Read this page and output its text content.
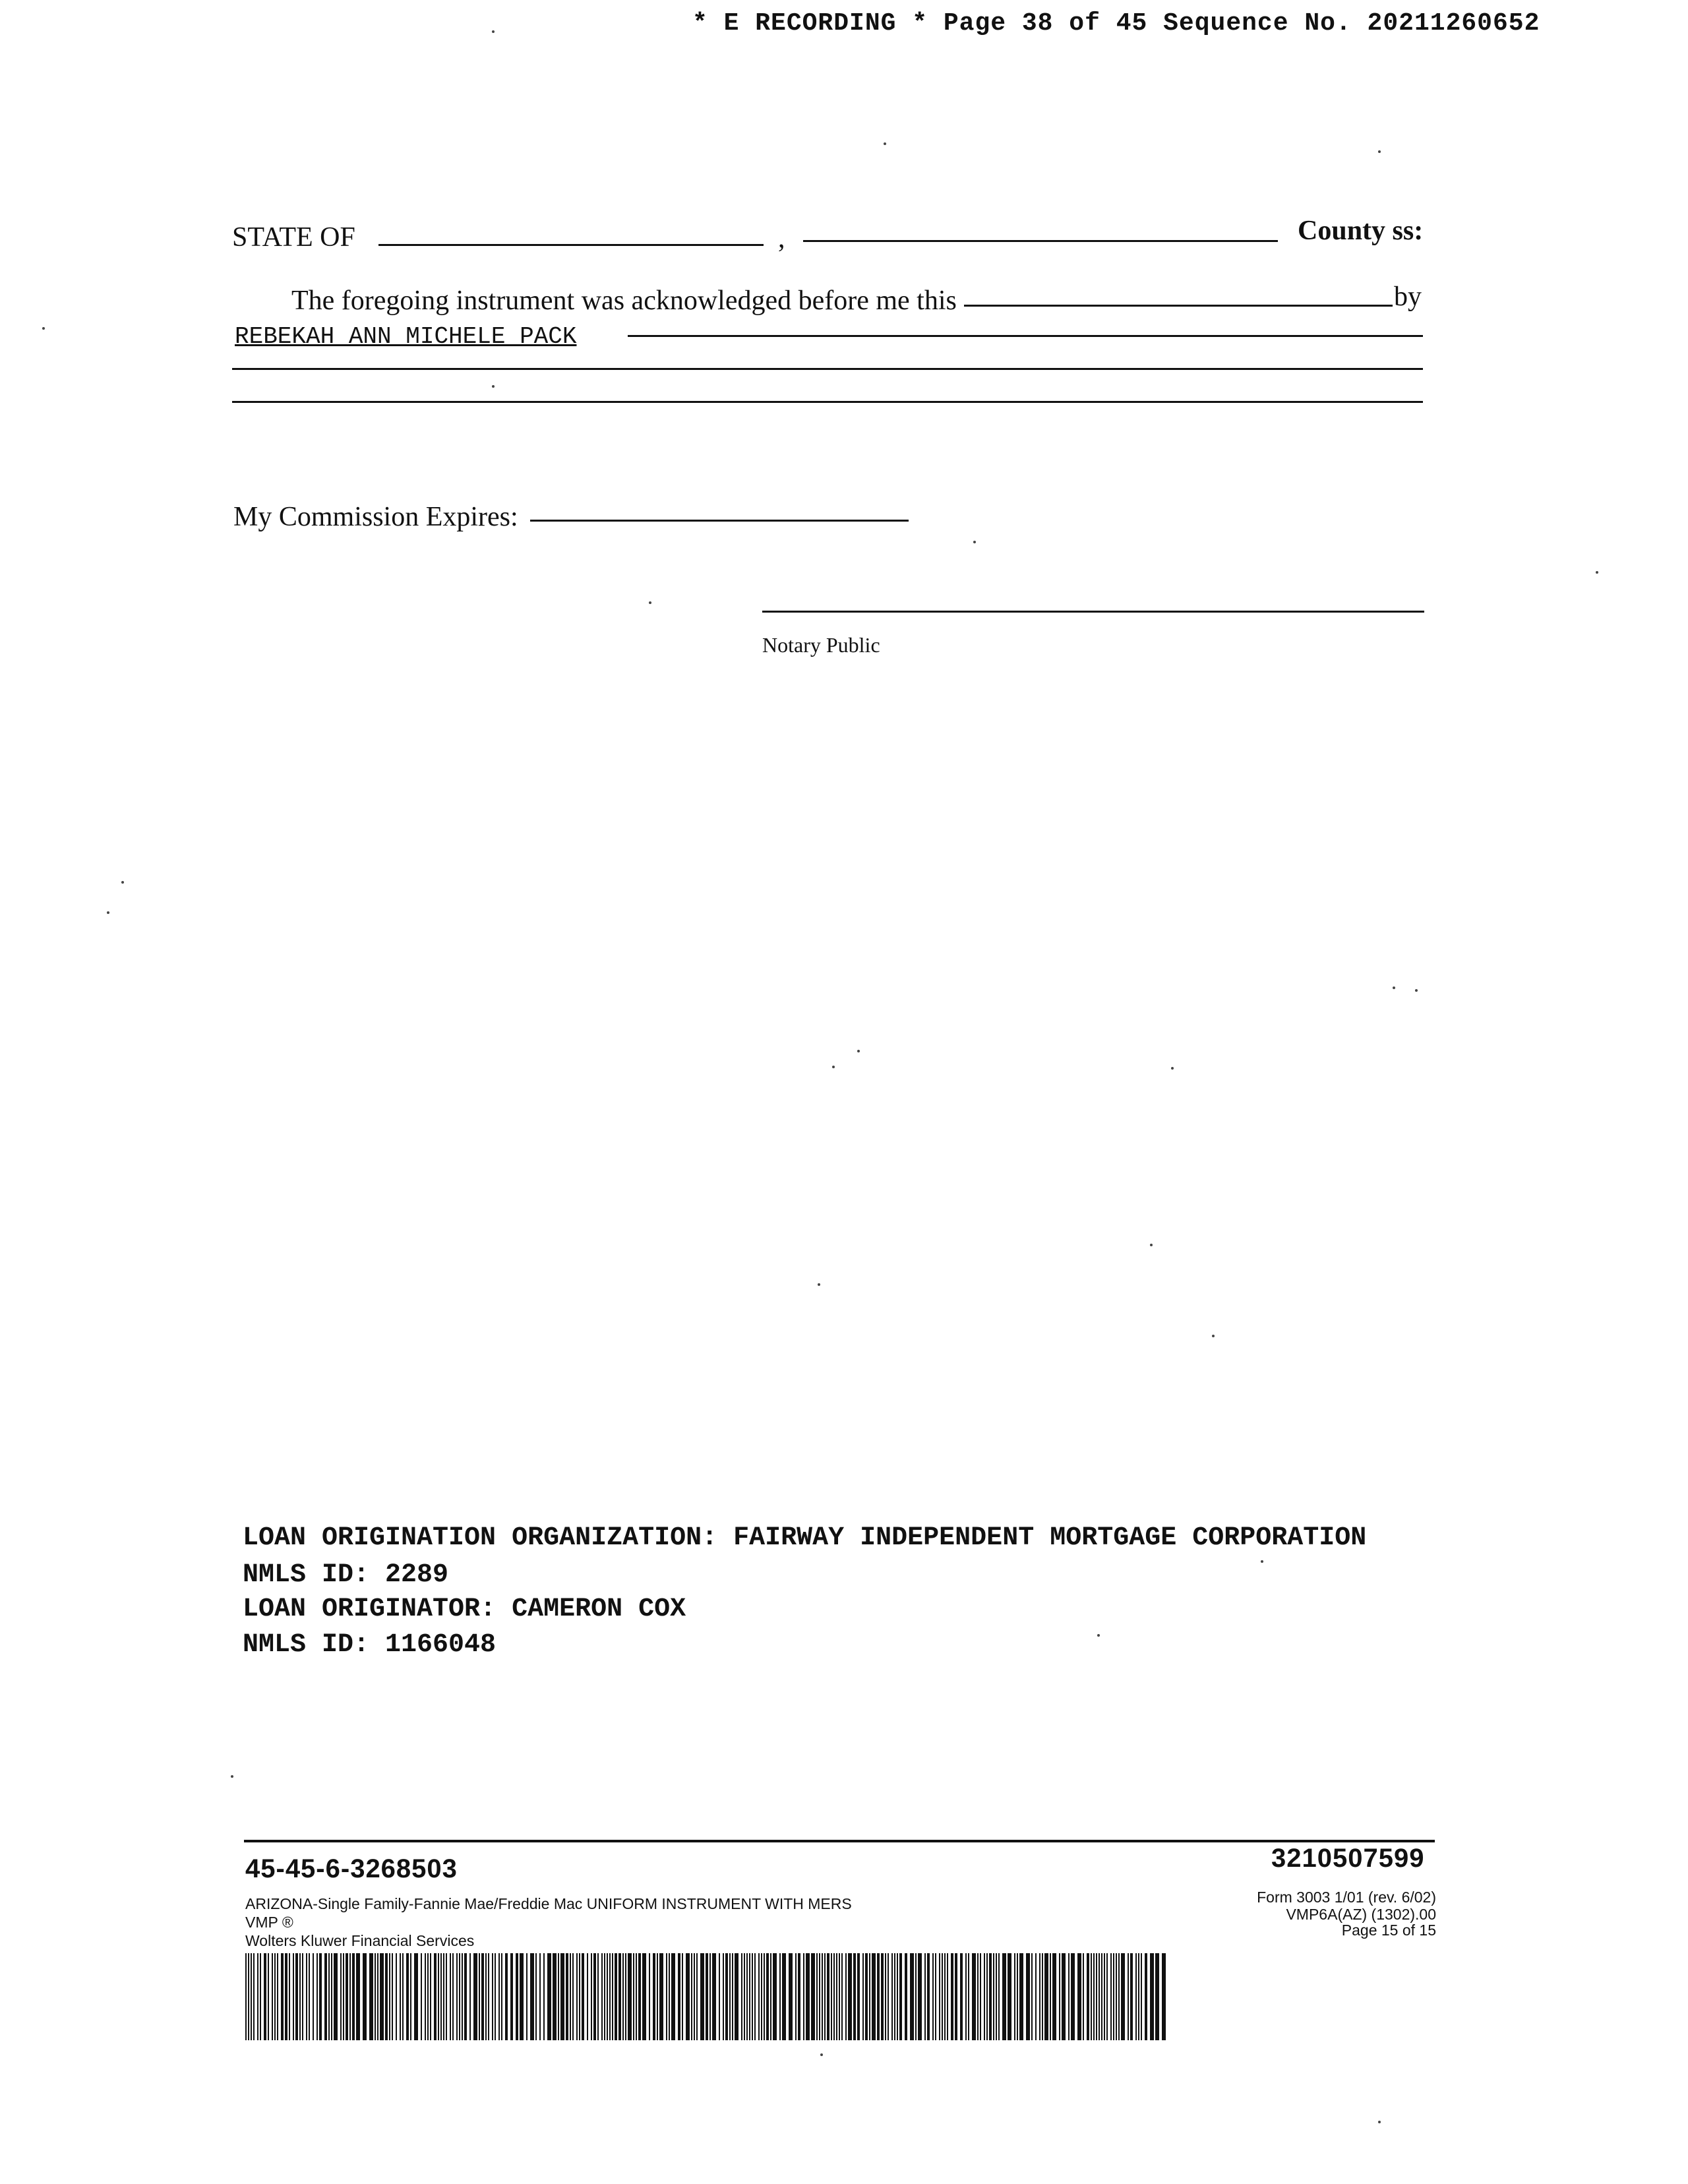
* E RECORDING * Page 38 of 45 Sequence No. 20211260652
STATE OF	,	County ss:
The foregoing instrument was acknowledged before me this	by
REBEKAH ANN MICHELE PACK
My Commission Expires:
Notary Public
LOAN ORIGINATION ORGANIZATION: FAIRWAY INDEPENDENT MORTGAGE CORPORATION
NMLS ID: 2289
LOAN ORIGINATOR: CAMERON COX
NMLS ID: 1166048
45-45-6-3268503	3210507599
ARIZONA-Single Family-Fannie Mae/Freddie Mac UNIFORM INSTRUMENT WITH MERS
VMP ®
Wolters Kluwer Financial Services
Form 3003 1/01 (rev. 6/02)
VMP6A(AZ) (1302).00
Page 15 of 15
